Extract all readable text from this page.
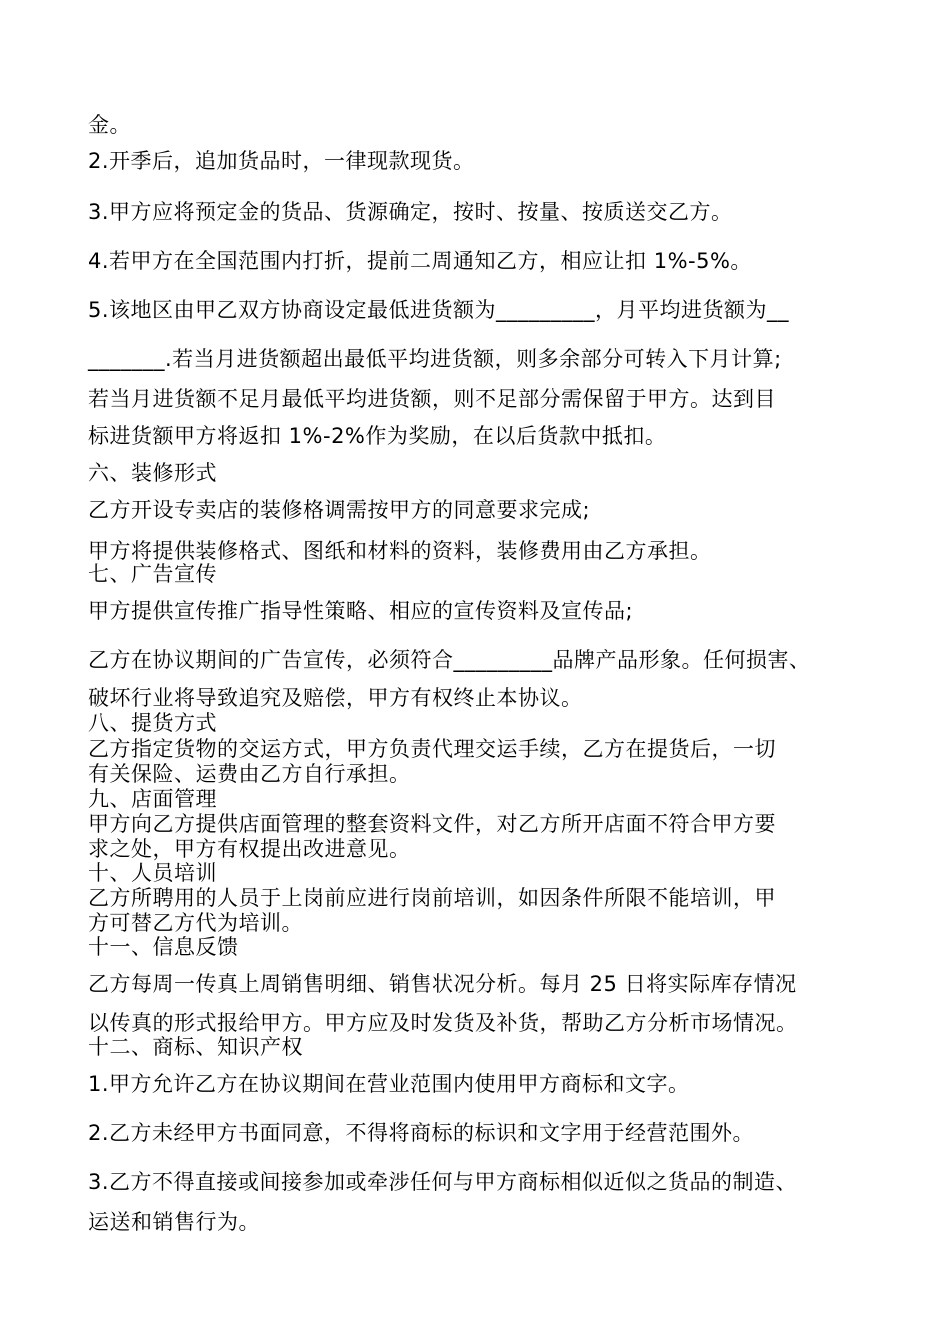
金。
2.开季后，追加货品时，一律现款现货。
3.甲方应将预定金的货品、货源确定，按时、按量、按质送交乙方。
4.若甲方在全国范围内打折，提前二周通知乙方，相应让扣 1%-5%。
5.该地区由甲乙双方协商设定最低进货额为_________，月平均进货额为__
_______.若当月进货额超出最低平均进货额，则多余部分可转入下月计算;
若当月进货额不足月最低平均进货额，则不足部分需保留于甲方。达到目
标进货额甲方将返扣 1%-2%作为奖励，在以后货款中抵扣。
六、装修形式
乙方开设专卖店的装修格调需按甲方的同意要求完成;
甲方将提供装修格式、图纸和材料的资料，装修费用由乙方承担。
七、广告宣传
甲方提供宣传推广指导性策略、相应的宣传资料及宣传品;
乙方在协议期间的广告宣传，必须符合_________品牌产品形象。任何损害、
破坏行业将导致追究及赔偿，甲方有权终止本协议。
八、提货方式
乙方指定货物的交运方式，甲方负责代理交运手续，乙方在提货后，一切
有关保险、运费由乙方自行承担。
九、店面管理
甲方向乙方提供店面管理的整套资料文件，对乙方所开店面不符合甲方要
求之处，甲方有权提出改进意见。
十、人员培训
乙方所聘用的人员于上岗前应进行岗前培训，如因条件所限不能培训，甲
方可替乙方代为培训。
十一、信息反馈
乙方每周一传真上周销售明细、销售状况分析。每月 25 日将实际库存情况
以传真的形式报给甲方。甲方应及时发货及补货，帮助乙方分析市场情况。
十二、商标、知识产权
1.甲方允许乙方在协议期间在营业范围内使用甲方商标和文字。
2.乙方未经甲方书面同意，不得将商标的标识和文字用于经营范围外。
3.乙方不得直接或间接参加或牵涉任何与甲方商标相似近似之货品的制造、
运送和销售行为。
